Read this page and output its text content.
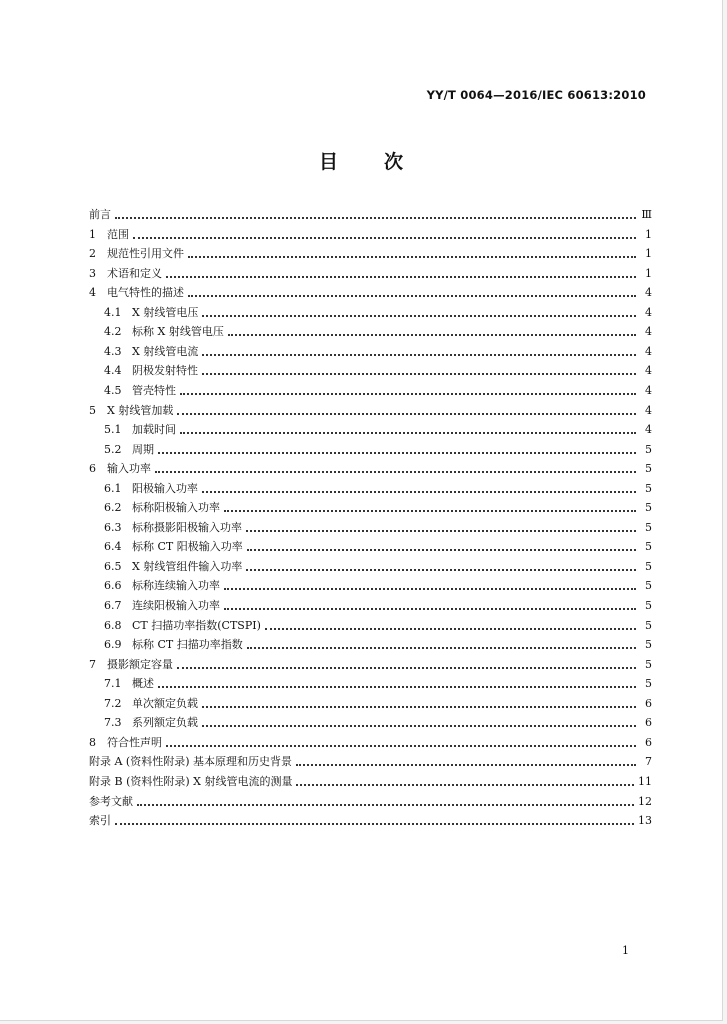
YY/T 0064—2016/IEC 60613:2010
目 次
前言	Ⅲ
1	范围	1
2	规范性引用文件	1
3	术语和定义	1
4	电气特性的描述	4
4.1 X 射线管电压	4
4.2 标称 X 射线管电压	4
4.3 X 射线管电流	4
4.4 阴极发射特性	4
4.5 管壳特性	4
5	X 射线管加载	4
5.1 加载时间	4
5.2 周期	5
6	输入功率	5
6.1 阳极输入功率	5
6.2 标称阳极输入功率	5
6.3 标称摄影阳极输入功率	5
6.4 标称 CT 阳极输入功率	5
6.5 X 射线管组件输入功率	5
6.6 标称连续输入功率	5
6.7 连续阳极输入功率	5
6.8 CT 扫描功率指数(CTSPI)	5
6.9 标称 CT 扫描功率指数	5
7	摄影额定容量	5
7.1 概述	5
7.2 单次额定负载	6
7.3 系列额定负载	6
8	符合性声明	6
附录 A (资料性附录) 基本原理和历史背景	7
附录 B (资料性附录) X 射线管电流的测量	11
参考文献	12
索引	13
1
